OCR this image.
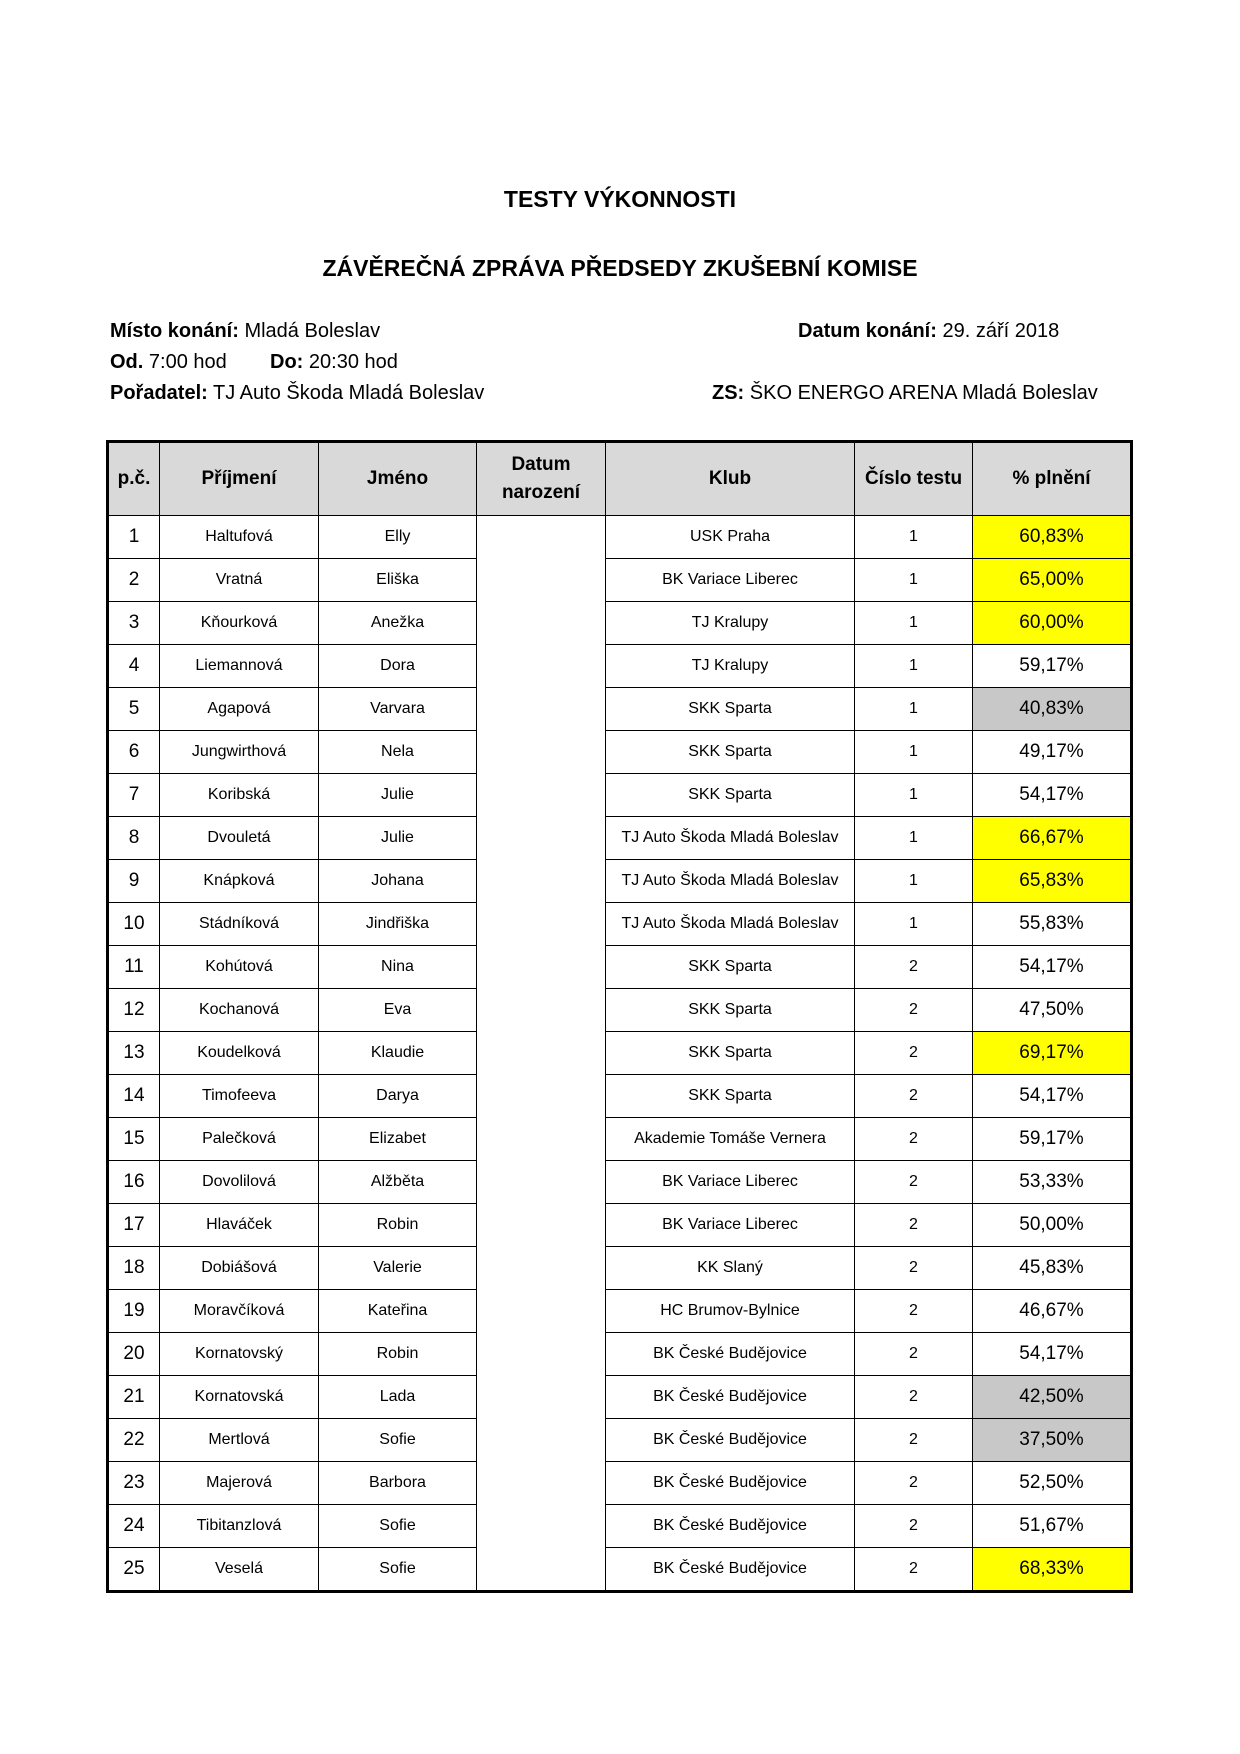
TESTY VÝKONNOSTI
ZÁVĚREČNÁ ZPRÁVA PŘEDSEDY ZKUŠEBNÍ KOMISE
Místo konání: Mladá Boleslav	Datum konání: 29. září 2018
Od. 7:00 hod Do: 20:30 hod
Pořadatel: TJ Auto Škoda Mladá Boleslav	ZS: ŠKO ENERGO ARENA Mladá Boleslav
p.č.	Příjmení	Jméno	Datum narození	Klub	Číslo testu	% plnění
1	Haltufová	Elly		USK Praha	1	60,83%
2	Vratná	Eliška		BK Variace Liberec	1	65,00%
3	Kňourková	Anežka		TJ Kralupy	1	60,00%
4	Liemannová	Dora		TJ Kralupy	1	59,17%
5	Agapová	Varvara		SKK Sparta	1	40,83%
6	Jungwirthová	Nela		SKK Sparta	1	49,17%
7	Koribská	Julie		SKK Sparta	1	54,17%
8	Dvouletá	Julie		TJ Auto Škoda Mladá Boleslav	1	66,67%
9	Knápková	Johana		TJ Auto Škoda Mladá Boleslav	1	65,83%
10	Stádníková	Jindřiška		TJ Auto Škoda Mladá Boleslav	1	55,83%
11	Kohútová	Nina		SKK Sparta	2	54,17%
12	Kochanová	Eva		SKK Sparta	2	47,50%
13	Koudelková	Klaudie		SKK Sparta	2	69,17%
14	Timofeeva	Darya		SKK Sparta	2	54,17%
15	Palečková	Elizabet		Akademie Tomáše Vernera	2	59,17%
16	Dovolilová	Alžběta		BK Variace Liberec	2	53,33%
17	Hlaváček	Robin		BK Variace Liberec	2	50,00%
18	Dobiášová	Valerie		KK Slaný	2	45,83%
19	Moravčíková	Kateřina		HC Brumov-Bylnice	2	46,67%
20	Kornatovský	Robin		BK České Budějovice	2	54,17%
21	Kornatovská	Lada		BK České Budějovice	2	42,50%
22	Mertlová	Sofie		BK České Budějovice	2	37,50%
23	Majerová	Barbora		BK České Budějovice	2	52,50%
24	Tibitanzlová	Sofie		BK České Budějovice	2	51,67%
25	Veselá	Sofie		BK České Budějovice	2	68,33%
